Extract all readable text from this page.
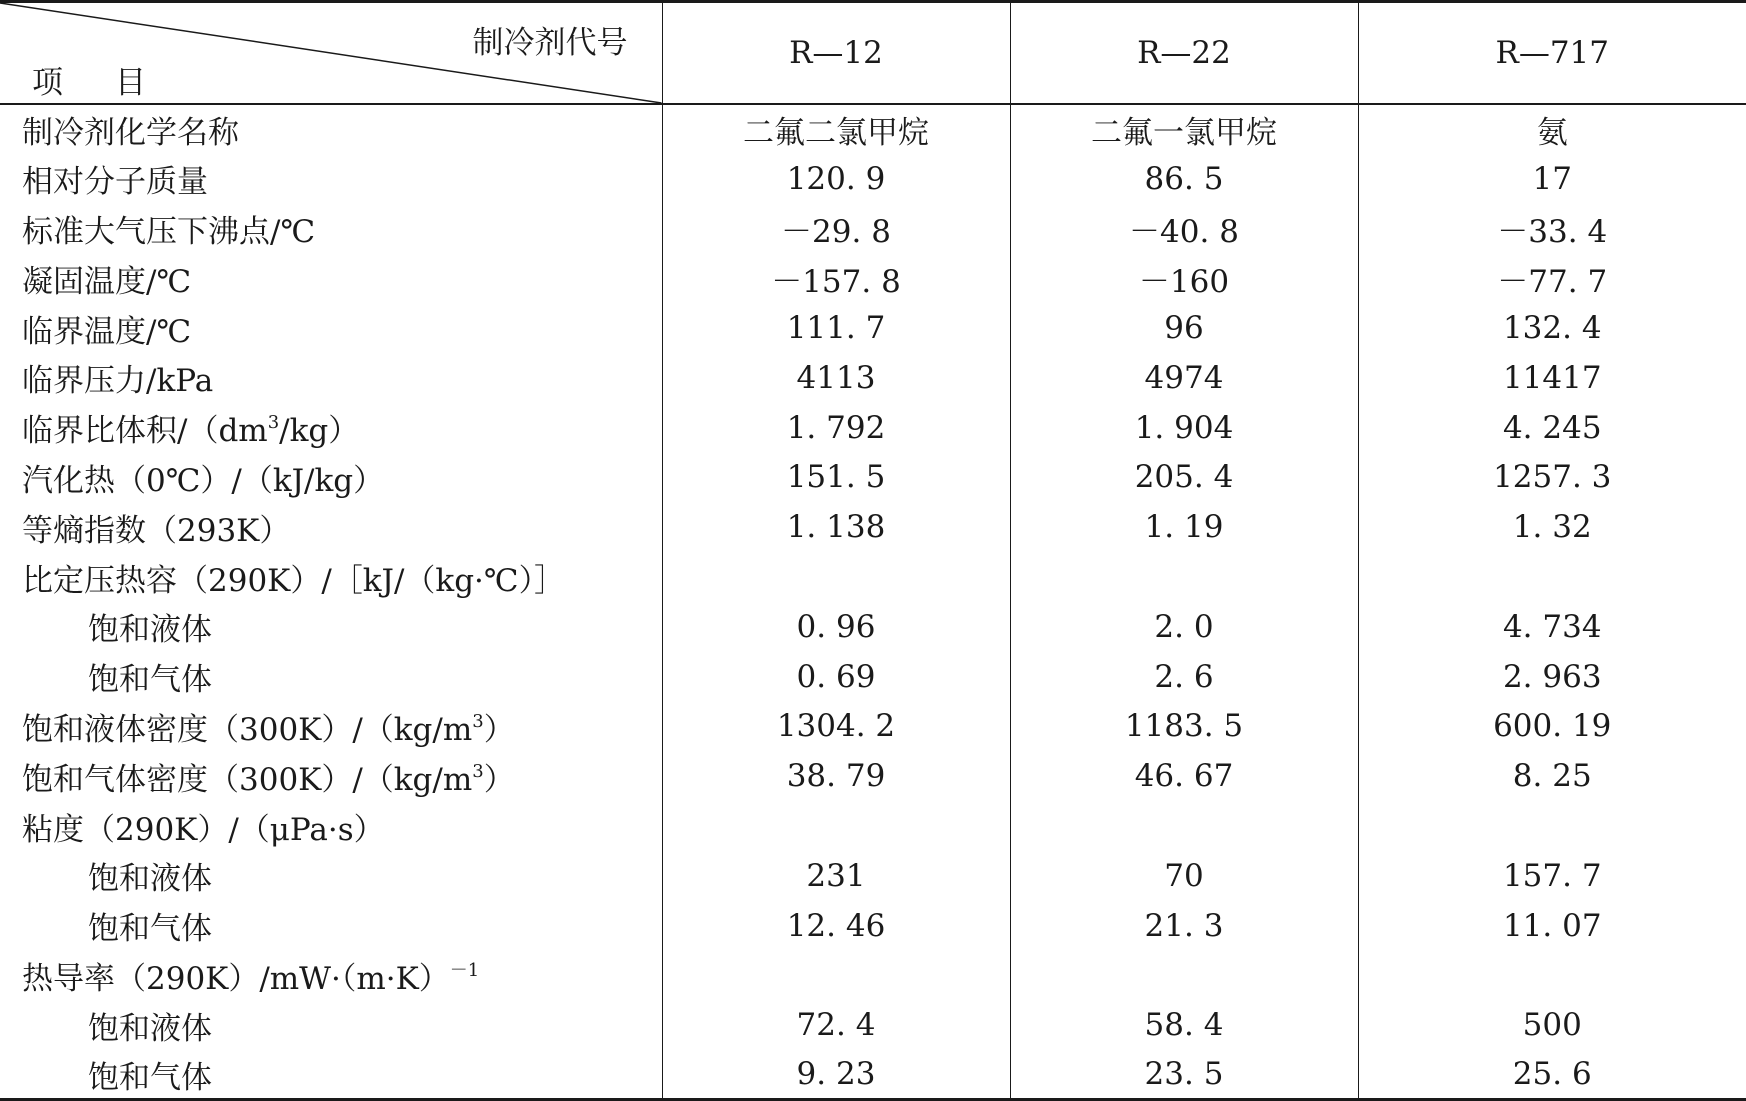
制冷剂代号
项 目	R—12	R—22	R—717
制冷剂化学名称	二氟二氯甲烷	二氟一氯甲烷	氨
相对分子质量	120. 9	86. 5	17
标准大气压下沸点/℃	－29. 8	－40. 8	－33. 4
凝固温度/℃	－157. 8	－160	－77. 7
临界温度/℃	111. 7	96	132. 4
临界压力/kPa	4113	4974	11417
临界比体积$/(dm^3/kg)$	1. 792	1. 904	4. 245
汽化热（0℃）/（kJ/kg）	151. 5	205. 4	1257. 3
等熵指数（293K）	1. 138	1. 19	1. 32
比定压热容（290K）/［kJ/（kg·℃）］			
饱和液体	0. 96	2. 0	4. 734
饱和气体	0. 69	2. 6	2. 963
饱和液体密度$(300K)/(kg/m^3)$	1304. 2	1183. 5	600. 19
饱和气体密度$(300K)/(kg/m^3)$	38. 79	46. 67	8. 25
粘度（290K）/（μPa·s）			
饱和液体	231	70	157. 7
饱和气体	12. 46	21. 3	11. 07
热导率$(290K)/mW\cdot(m\cdot K)^{-1}$			
饱和液体	72. 4	58. 4	500
饱和气体	9. 23	23. 5	25. 6
